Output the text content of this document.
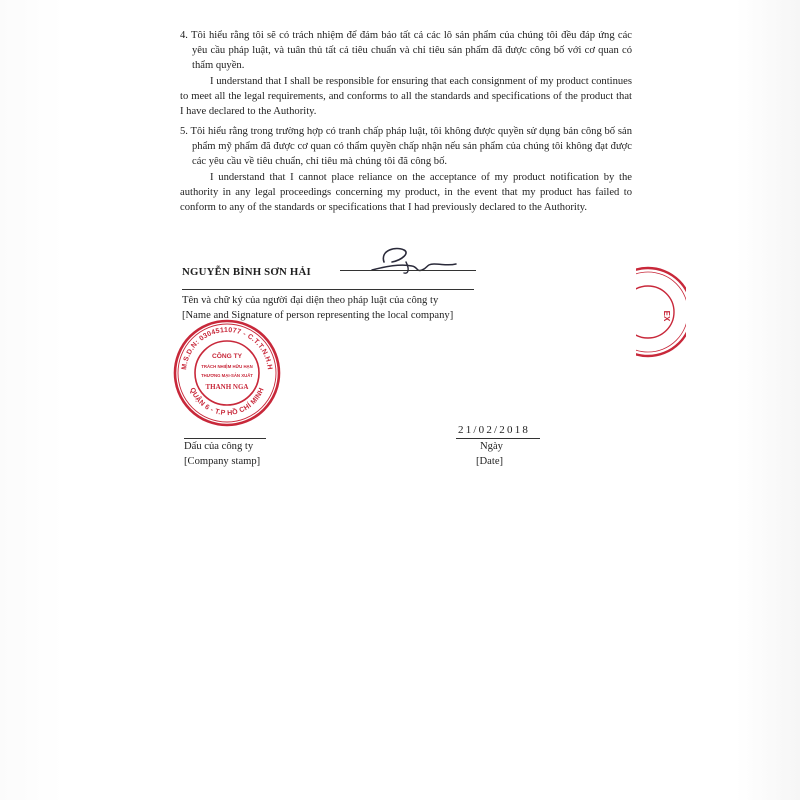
4. Tôi hiểu rằng tôi sẽ có trách nhiệm để đảm bảo tất cả các lô sản phẩm của chúng tôi đều đáp ứng các yêu cầu pháp luật, và tuân thủ tất cả tiêu chuẩn và chỉ tiêu sản phẩm đã được công bố với cơ quan có thẩm quyền.

I understand that I shall be responsible for ensuring that each consignment of my product continues to meet all the legal requirements, and conforms to all the standards and specifications of the product that I have declared to the Authority.

5. Tôi hiểu rằng trong trường hợp có tranh chấp pháp luật, tôi không được quyền sử dụng bản công bố sản phẩm mỹ phẩm đã được cơ quan có thẩm quyền chấp nhận nếu sản phẩm của chúng tôi không đạt được các yêu cầu về tiêu chuẩn, chỉ tiêu mà chúng tôi đã công bố.

I understand that I cannot place reliance on the acceptance of my product notification by the authority in any legal proceedings concerning my product, in the event that my product has failed to conform to any of the standards or specifications that I had previously declared to the Authority.

NGUYỄN BÌNH SƠN HẢI
Tên và chữ ký của người đại diện theo pháp luật của công ty
[Name and Signature of person representing the local company]
M.S.D.N: 0304511077 - C.T.T.N.H.H
QUẬN 6 - T.P HỒ CHÍ MINH
CÔNG TY
TRÁCH NHIỆM HỮU HẠN
THƯƠNG MẠI-SẢN XUẤT
THANH NGA
EX
Dấu của công ty
[Company stamp]
21/02/2018
Ngày
[Date]
